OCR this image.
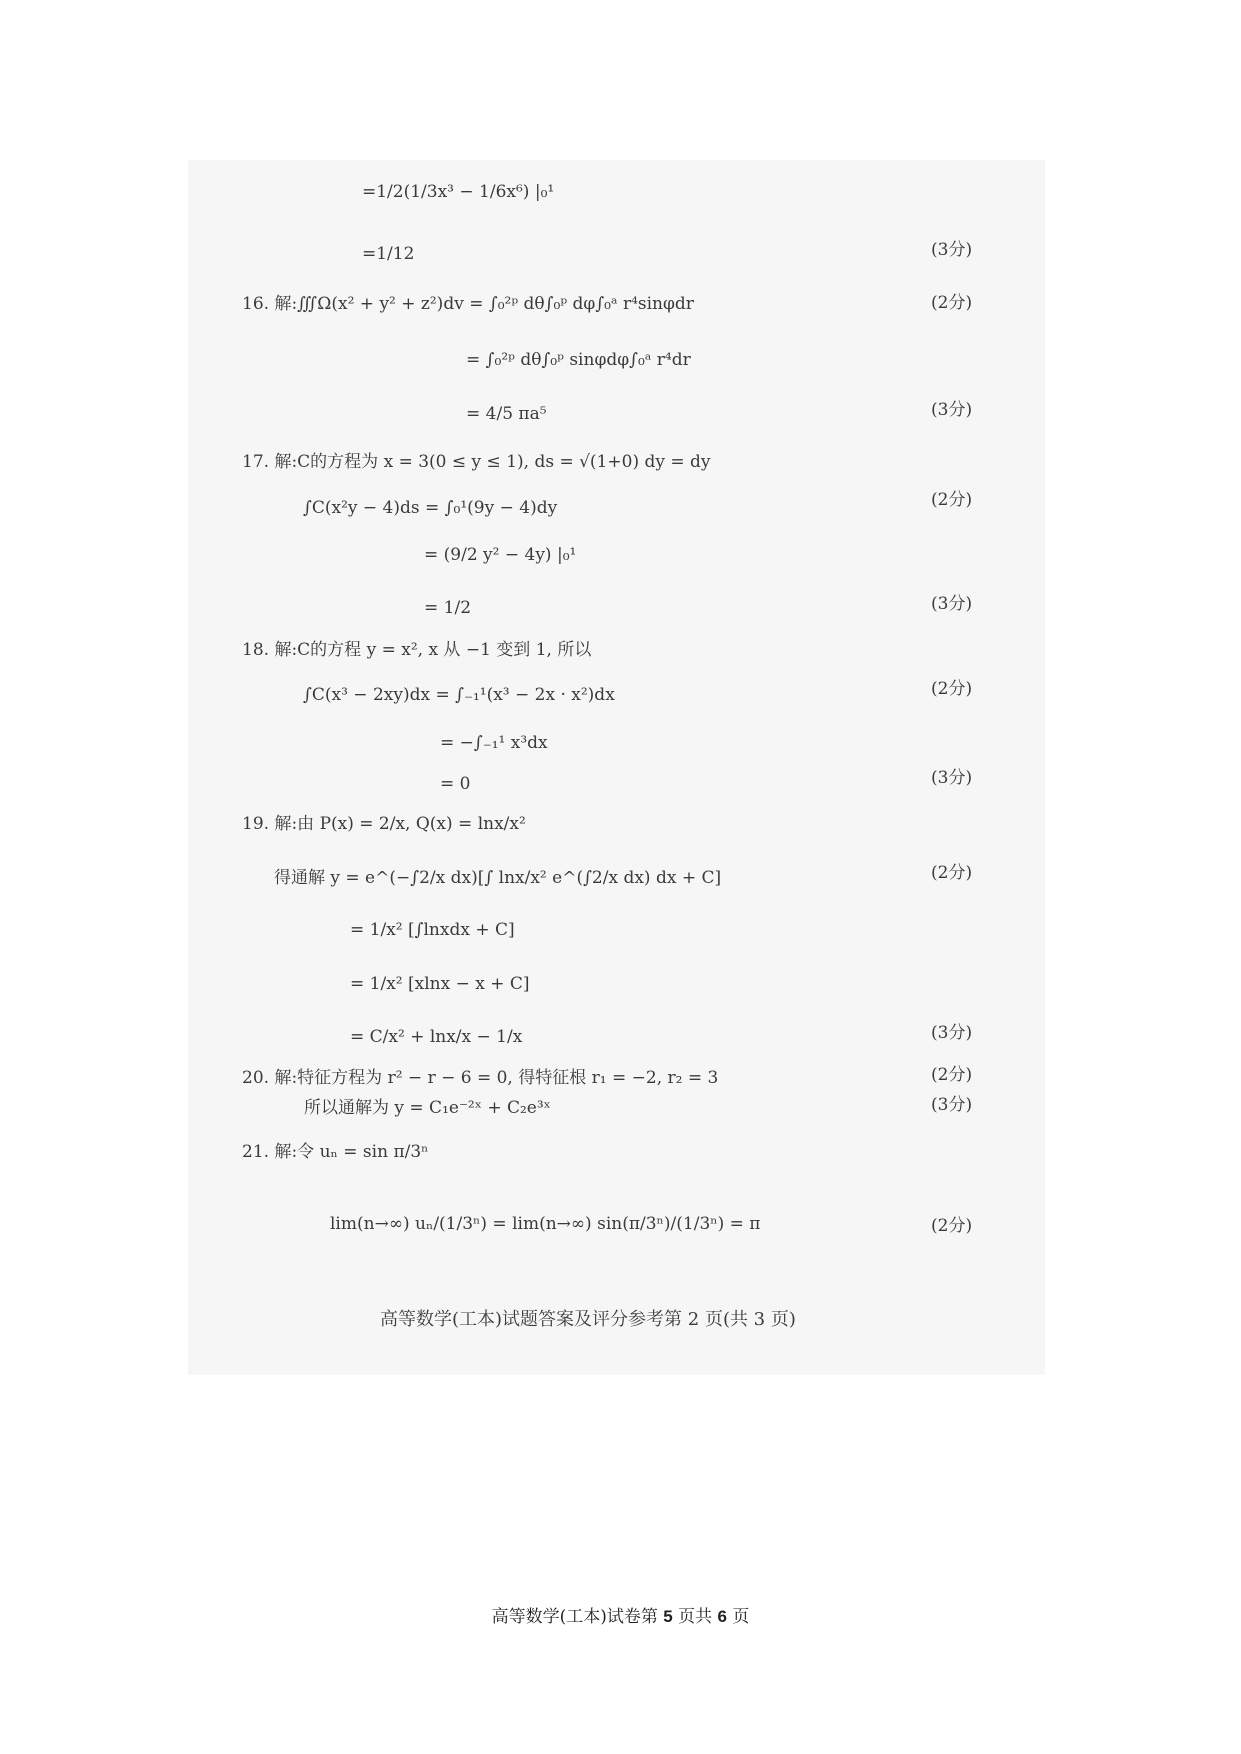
=1/2(1/3x³ − 1/6x⁶) |₀¹
=1/12
16. 解:∭Ω(x² + y² + z²)dv = ∫₀²ᵖ dθ∫₀ᵖ dφ∫₀ᵃ r⁴sinφdr
= ∫₀²ᵖ dθ∫₀ᵖ sinφdφ∫₀ᵃ r⁴dr
= 4/5 πa⁵
17. 解:C的方程为 x = 3(0 ≤ y ≤ 1), ds = √(1+0) dy = dy
∫C(x²y − 4)ds = ∫₀¹(9y − 4)dy
= (9/2 y² − 4y) |₀¹
= 1/2
18. 解:C的方程 y = x², x 从 −1 变到 1, 所以
∫C(x³ − 2xy)dx = ∫₋₁¹(x³ − 2x · x²)dx
= −∫₋₁¹ x³dx
= 0
19. 解:由 P(x) = 2/x, Q(x) = lnx/x²
得通解 y = e^(−∫2/x dx)[∫ lnx/x² e^(∫2/x dx) dx + C]
= 1/x² [∫lnxdx + C]
= 1/x² [xlnx − x + C]
= C/x² + lnx/x − 1/x
20. 解:特征方程为 r² − r − 6 = 0, 得特征根 r₁ = −2, r₂ = 3
所以通解为 y = C₁e⁻²ˣ + C₂e³ˣ
21. 解:令 uₙ = sin π/3ⁿ
lim(n→∞) uₙ/(1/3ⁿ) = lim(n→∞) sin(π/3ⁿ)/(1/3ⁿ) = π
(3分)
(2分)
(3分)
(2分)
(3分)
(2分)
(3分)
(2分)
(3分)
(2分)
(3分)
(2分)
高等数学(工本)试题答案及评分参考第 2 页(共 3 页)
高等数学(工本)试卷第 5 页共 6 页
